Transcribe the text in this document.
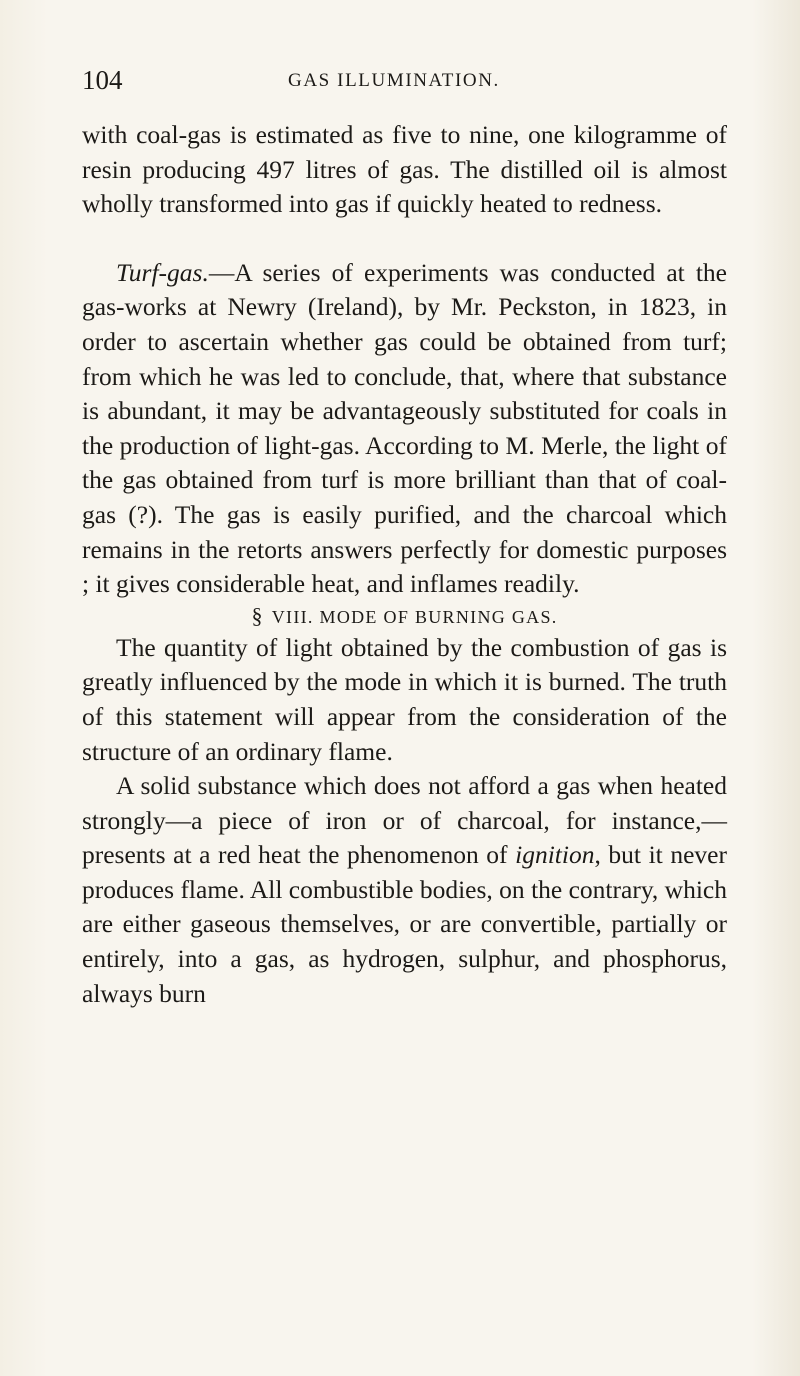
104	GAS ILLUMINATION.

with coal-gas is estimated as five to nine, one kilogramme of resin producing 497 litres of gas. The distilled oil is almost wholly transformed into gas if quickly heated to redness.

Turf-gas.—A series of experiments was conducted at the gas-works at Newry (Ireland), by Mr. Peckston, in 1823, in order to ascertain whether gas could be obtained from turf; from which he was led to conclude, that, where that substance is abundant, it may be advantageously substituted for coals in the production of light-gas. According to M. Merle, the light of the gas obtained from turf is more brilliant than that of coal-gas (?). The gas is easily purified, and the charcoal which remains in the retorts answers perfectly for domestic purposes ; it gives considerable heat, and inflames readily.

§ VIII. MODE OF BURNING GAS.

The quantity of light obtained by the combustion of gas is greatly influenced by the mode in which it is burned. The truth of this statement will appear from the consideration of the structure of an ordinary flame.

A solid substance which does not afford a gas when heated strongly—a piece of iron or of charcoal, for instance,—presents at a red heat the phenomenon of ignition, but it never produces flame. All combustible bodies, on the contrary, which are either gaseous themselves, or are convertible, partially or entirely, into a gas, as hydrogen, sulphur, and phosphorus, always burn
